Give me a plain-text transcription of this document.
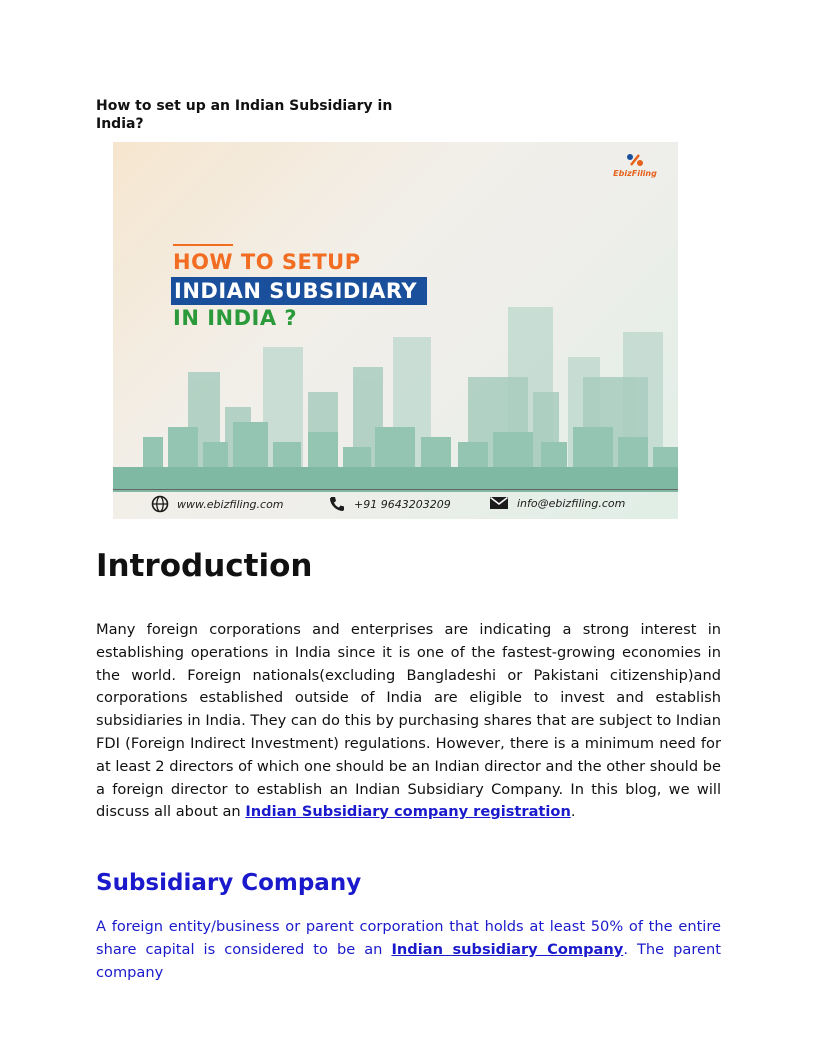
How to set up an Indian Subsidiary in India?
EbizFiling
HOW TO SETUP
INDIAN SUBSIDIARY
IN INDIA ?
www.ebizfiling.com	+91 9643203209	info@ebizfiling.com
Introduction

Many foreign corporations and enterprises are indicating a strong interest in establishing operations in India since it is one of the fastest-growing economies in the world. Foreign nationals(excluding Bangladeshi or Pakistani citizenship)and corporations established outside of India are eligible to invest and establish subsidiaries in India. They can do this by purchasing shares that are subject to Indian FDI (Foreign Indirect Investment) regulations. However, there is a minimum need for at least 2 directors of which one should be an Indian director and the other should be a foreign director to establish an Indian Subsidiary Company. In this blog, we will discuss all about an Indian Subsidiary company registration.

Subsidiary Company

A foreign entity/business or parent corporation that holds at least 50% of the entire share capital is considered to be an Indian subsidiary Company. The parent company
